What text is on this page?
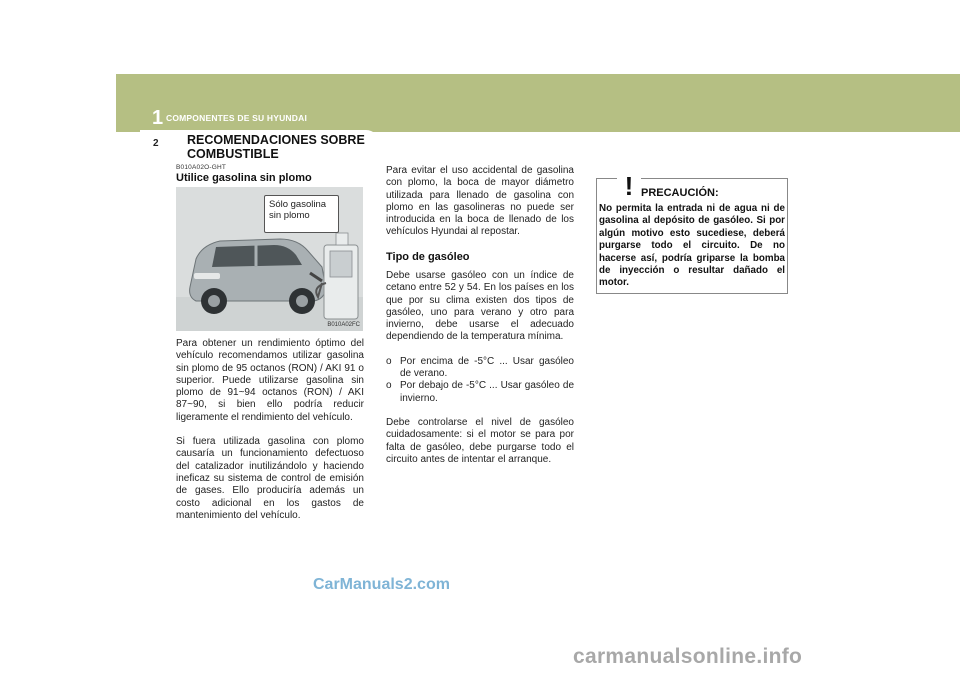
1 COMPONENTES DE SU HYUNDAI
2 RECOMENDACIONES SOBRE COMBUSTIBLE
B010A02O-GHT
Utilice gasolina sin plomo
Sólo gasolina sin plomo
B010A02FC

Para obtener un rendimiento óptimo del vehículo recomendamos utilizar gasolina sin plomo de 95 octanos (RON) / AKI 91 o superior. Puede utilizarse gasolina sin plomo de 91~94 octanos (RON) / AKI 87~90, si bien ello podría reducir ligeramente el rendimiento del vehículo.

Si fuera utilizada gasolina con plomo causaría un funcionamiento defectuoso del catalizador inutilizándolo y haciendo ineficaz su sistema de control de emisión de gases. Ello produciría además un costo adicional en los gastos de mantenimiento del vehículo.

Para evitar el uso accidental de gasolina con plomo, la boca de mayor diámetro utilizada para llenado de gasolina con plomo en las gasolineras no puede ser introducida en la boca de llenado de los vehículos Hyundai al repostar.
Tipo de gasóleo

Debe usarse gasóleo con un índice de cetano entre 52 y 54. En los países en los que por su clima existen dos tipos de gasóleo, uno para verano y otro para invierno, debe usarse el adecuado dependiendo de la temperatura mínima.

o Por encima de -5°C ... Usar gasóleo de verano.

o Por debajo de -5°C ... Usar gasóleo de invierno.

Debe controlarse el nivel de gasóleo cuidadosamente: si el motor se para por falta de gasóleo, debe purgarse todo el circuito antes de intentar el arranque.

! PRECAUCIÓN:
No permita la entrada ni de agua ni de gasolina al depósito de gasóleo. Si por algún motivo esto sucediese, deberá purgarse todo el circuito. De no hacerse así, podría griparse la bomba de inyección o resultar dañado el motor.
CarManuals2.com
carmanualsonline.info
